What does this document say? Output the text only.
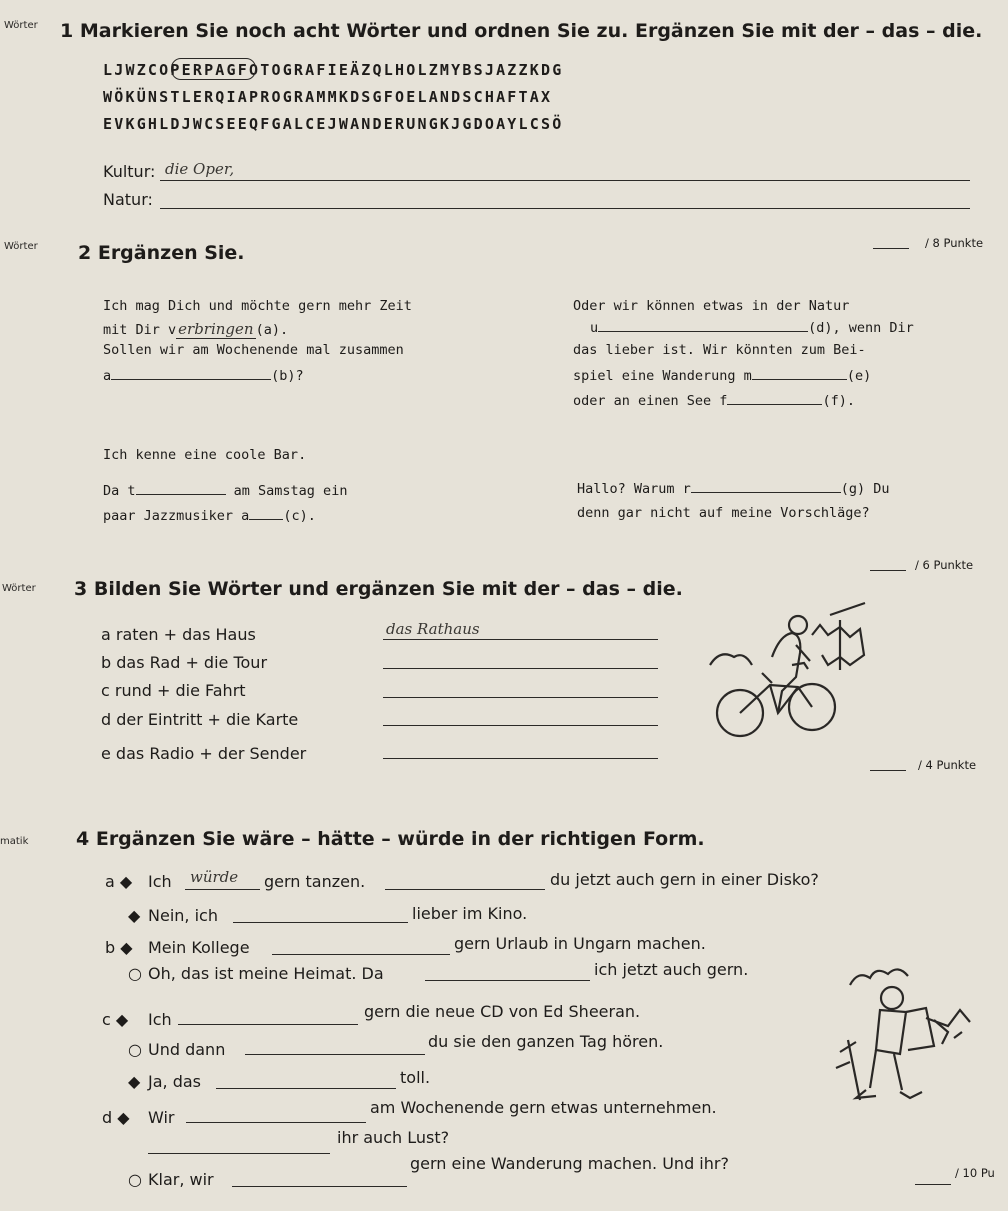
Wörter 1 Markieren Sie noch acht Wörter und ordnen Sie zu. Ergänzen Sie mit der – das – die.
LJWZCOPERPAGFOTOGRAFIEÄZQLHOLZMYBSJAZZKDG
WÖKÜNSTLERQIAPROGRAMMKDSGFOELANDSCHAFTAX
EVKGHLDJWCSEEQFGALCEJWANDERUNGKJGDOAYLCSÖ
Kultur: die Oper,
Natur:
Wörter 2 Ergänzen Sie.	/ 8 Punkte
Ich mag Dich und möchte gern mehr Zeit
mit Dir v erbringen (a).
Sollen wir am Wochenende mal zusammen
a	(b)?
Oder wir können etwas in der Natur
u	(d), wenn Dir
das lieber ist. Wir könnten zum Bei-
spiel eine Wanderung m	(e)
oder an einen See f	(f).
Ich kenne eine coole Bar.
Da t	am Samstag ein
paar Jazzmusiker a	(c).
Hallo? Warum r	(g) Du
denn gar nicht auf meine Vorschläge?
/ 6 Punkte
Wörter 3 Bilden Sie Wörter und ergänzen Sie mit der – das – die.
a raten + das Haus
b das Rad + die Tour
c rund + die Fahrt
d der Eintritt + die Karte
e das Radio + der Sender
das Rathaus
/ 4 Punkte
matik	4 Ergänzen Sie wäre – hätte – würde in der richtigen Form.
a ◆ Ich würde gern tanzen.	du jetzt auch gern in einer Disko?
◆ Nein, ich	lieber im Kino.
b ◆ Mein Kollege	gern Urlaub in Ungarn machen.
○ Oh, das ist meine Heimat. Da	ich jetzt auch gern.
c ◆ Ich	gern die neue CD von Ed Sheeran.
○ Und dann	du sie den ganzen Tag hören.
◆ Ja, das	toll.
d ◆ Wir
am Wochenende gern etwas unternehmen.
ihr auch Lust?
○ Klar, wir
gern eine Wanderung machen. Und ihr?	/ 10 Pu
